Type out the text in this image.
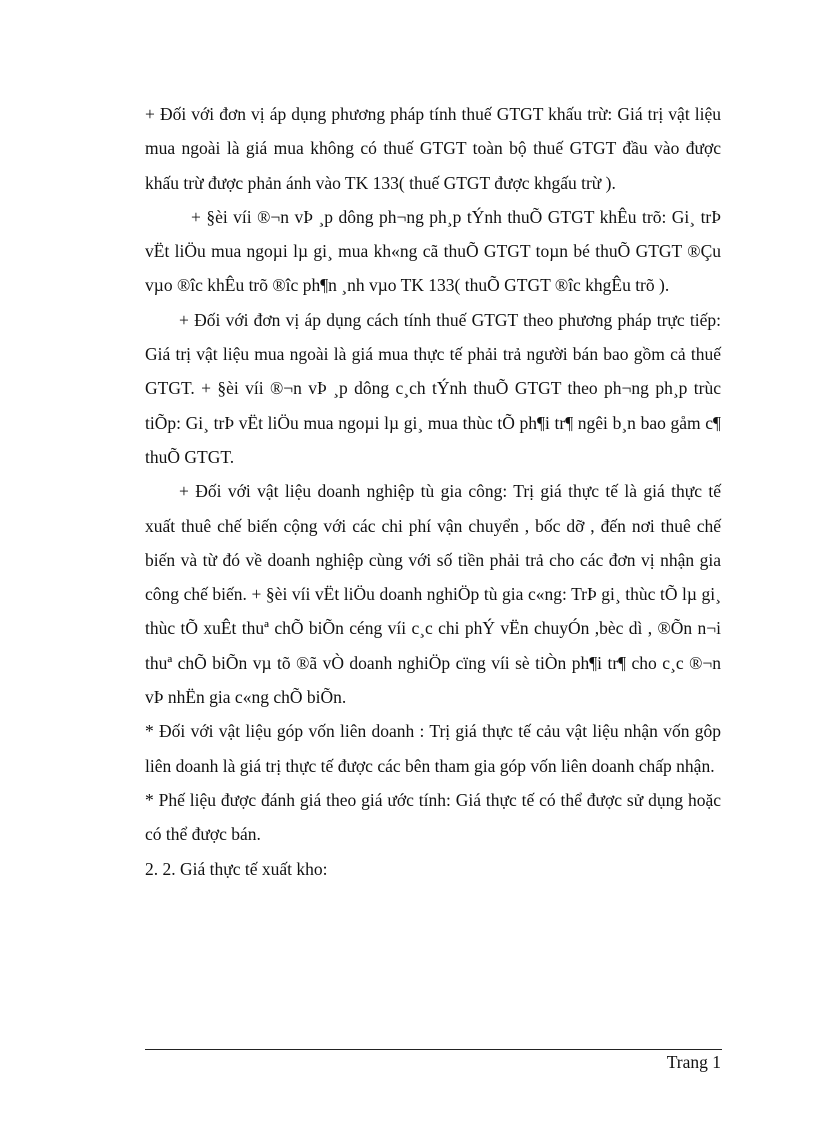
+ Đối với đơn vị áp dụng phương pháp tính thuế GTGT khấu trừ: Giá trị vật liệu mua ngoài là giá mua không có thuế GTGT toàn bộ thuế GTGT đầu vào được khấu trừ được phản ánh vào TK 133( thuế GTGT được khgấu trừ ).

+ §èi víi ®¬n vÞ ¸p dông ph¬ng ph¸p tÝnh thuÕ GTGT khÊu trõ: Gi¸ trÞ vËt liÖu mua ngoµi lµ gi¸ mua kh«ng cã thuÕ GTGT toµn bé thuÕ GTGT ®Çu vµo ®îc khÊu trõ ®îc ph¶n ¸nh vµo TK 133( thuÕ GTGT ®îc khgÊu trõ ).

+ Đối với đơn vị áp dụng cách tính thuế GTGT theo phương pháp trực tiếp: Giá trị vật liệu mua ngoài là giá mua thực tế phải trả người bán bao gồm cả thuế GTGT. + §èi víi ®¬n vÞ ¸p dông c¸ch tÝnh thuÕ GTGT theo ph¬ng ph¸p trùc tiÕp: Gi¸ trÞ vËt liÖu mua ngoµi lµ gi¸ mua thùc tÕ ph¶i tr¶ ngêi b¸n bao gåm c¶ thuÕ GTGT.

+ Đối với vật liệu doanh nghiệp tù gia công: Trị giá thực tế là giá thực tế xuất thuê chế biến cộng với các chi phí vận chuyển , bốc dỡ , đến nơi thuê chế biến và từ đó về doanh nghiệp cùng với số tiền phải trả cho các đơn vị nhận gia công chế biến. + §èi víi vËt liÖu doanh nghiÖp tù gia c«ng: TrÞ gi¸ thùc tÕ lµ gi¸ thùc tÕ xuÊt thuª chÕ biÕn céng víi c¸c chi phÝ vËn chuyÓn ,bèc dì , ®Õn n¬i thuª chÕ biÕn vµ tõ ®ã vÒ doanh nghiÖp cïng víi sè tiÒn ph¶i tr¶ cho c¸c ®¬n vÞ nhËn gia c«ng chÕ biÕn.

* Đối với vật liệu góp vốn liên doanh : Trị giá thực tế cảu vật liệu nhận vốn gôp liên doanh là giá trị thực tế được các bên tham gia góp vốn liên doanh chấp nhận.

* Phế liệu được đánh giá theo giá ước tính: Giá thực tế có thể được sử dụng hoặc có thể được bán.

2. 2. Giá thực tế xuất kho:

Trang 1
